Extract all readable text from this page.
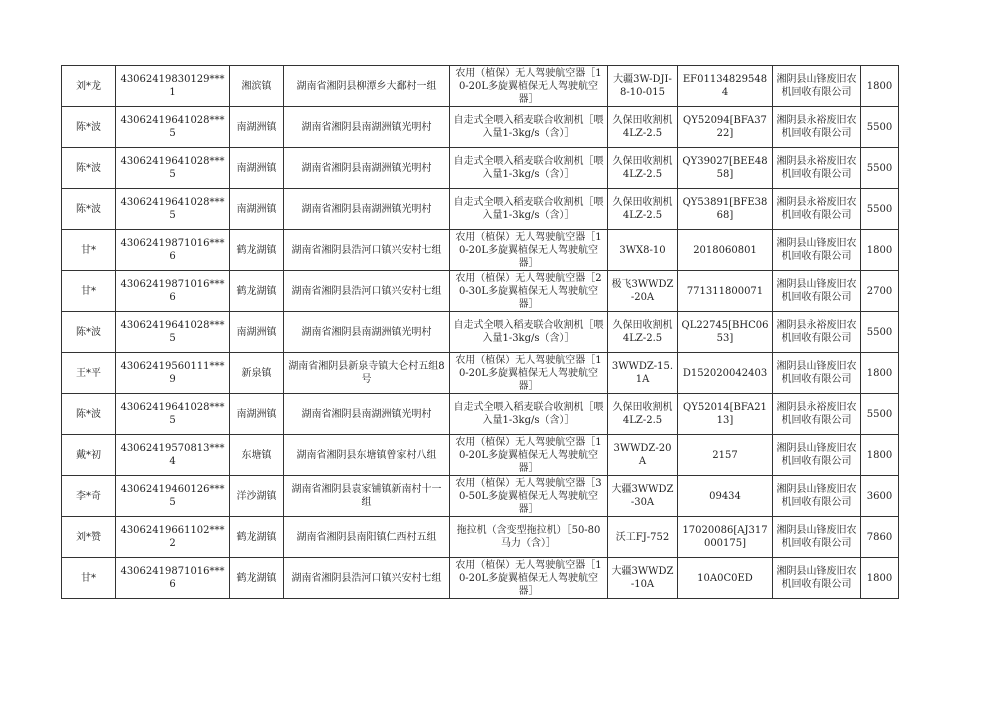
刘*龙	43062419830129***1	湘滨镇	湖南省湘阴县柳潭乡大鄱村一组	农用（植保）无人驾驶航空器［10-20L多旋翼植保无人驾驶航空器］	大疆3W-DJI-8-10-015	EF011348295484	湘阴县山锋废旧农机回收有限公司	1800
陈*波	43062419641028***5	南湖洲镇	湖南省湘阴县南湖洲镇光明村	自走式全喂入稻麦联合收割机［喂入量1-3kg/s（含）］	久保田收割机4LZ-2.5	QY52094[BFA3722]	湘阴县永裕废旧农机回收有限公司	5500
陈*波	43062419641028***5	南湖洲镇	湖南省湘阴县南湖洲镇光明村	自走式全喂入稻麦联合收割机［喂入量1-3kg/s（含）］	久保田收割机4LZ-2.5	QY39027[BEE4858]	湘阴县永裕废旧农机回收有限公司	5500
陈*波	43062419641028***5	南湖洲镇	湖南省湘阴县南湖洲镇光明村	自走式全喂入稻麦联合收割机［喂入量1-3kg/s（含）］	久保田收割机4LZ-2.5	QY53891[BFE3868]	湘阴县永裕废旧农机回收有限公司	5500
甘*	43062419871016***6	鹤龙湖镇	湖南省湘阴县浩河口镇兴安村七组	农用（植保）无人驾驶航空器［10-20L多旋翼植保无人驾驶航空器］	3WX8-10	2018060801	湘阴县山锋废旧农机回收有限公司	1800
甘*	43062419871016***6	鹤龙湖镇	湖南省湘阴县浩河口镇兴安村七组	农用（植保）无人驾驶航空器［20-30L多旋翼植保无人驾驶航空器］	极飞3WWDZ-20A	771311800071	湘阴县山锋废旧农机回收有限公司	2700
陈*波	43062419641028***5	南湖洲镇	湖南省湘阴县南湖洲镇光明村	自走式全喂入稻麦联合收割机［喂入量1-3kg/s（含）］	久保田收割机4LZ-2.5	QL22745[BHC0653]	湘阴县永裕废旧农机回收有限公司	5500
王*平	43062419560111***9	新泉镇	湖南省湘阴县新泉寺镇大仑村五组8号	农用（植保）无人驾驶航空器［10-20L多旋翼植保无人驾驶航空器］	3WWDZ-15.1A	D152020042403	湘阴县山锋废旧农机回收有限公司	1800
陈*波	43062419641028***5	南湖洲镇	湖南省湘阴县南湖洲镇光明村	自走式全喂入稻麦联合收割机［喂入量1-3kg/s（含）］	久保田收割机4LZ-2.5	QY52014[BFA2113]	湘阴县永裕废旧农机回收有限公司	5500
戴*初	43062419570813***4	东塘镇	湖南省湘阴县东塘镇曾家村八组	农用（植保）无人驾驶航空器［10-20L多旋翼植保无人驾驶航空器］	3WWDZ-20A	2157	湘阴县山锋废旧农机回收有限公司	1800
李*奇	43062419460126***5	洋沙湖镇	湖南省湘阴县袁家铺镇新南村十一组	农用（植保）无人驾驶航空器［30-50L多旋翼植保无人驾驶航空器］	大疆3WWDZ-30A	09434	湘阴县山锋废旧农机回收有限公司	3600
刘*赞	43062419661102***2	鹤龙湖镇	湖南省湘阴县南阳镇仁西村五组	拖拉机（含变型拖拉机）［50-80马力（含）］	沃工FJ-752	17020086[AJ317000175]	湘阴县山锋废旧农机回收有限公司	7860
甘*	43062419871016***6	鹤龙湖镇	湖南省湘阴县浩河口镇兴安村七组	农用（植保）无人驾驶航空器［10-20L多旋翼植保无人驾驶航空器］	大疆3WWDZ-10A	10A0C0ED	湘阴县山锋废旧农机回收有限公司	1800
